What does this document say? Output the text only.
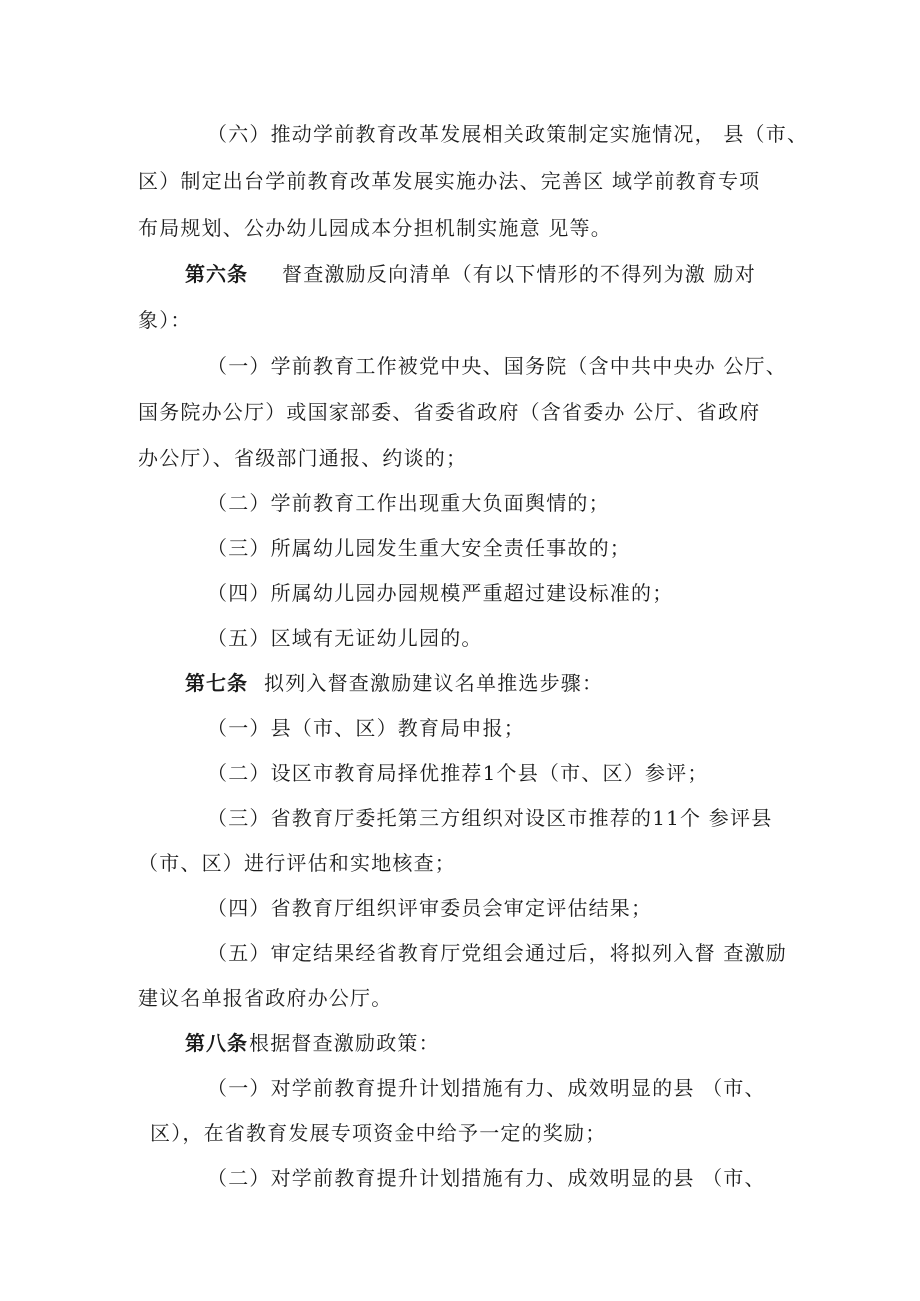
（六）推动学前教育改革发展相关政策制定实施情况， 县（市、
区）制定出台学前教育改革发展实施办法、完善区 域学前教育专项
布局规划、公办幼儿园成本分担机制实施意 见等。
第六条 督查激励反向清单（有以下情形的不得列为激 励对
象）：
（一）学前教育工作被党中央、国务院（含中共中央办 公厅、
国务院办公厅）或国家部委、省委省政府（含省委办 公厅、省政府
办公厅）、省级部门通报、约谈的；
（二）学前教育工作出现重大负面舆情的；
（三）所属幼儿园发生重大安全责任事故的；
（四）所属幼儿园办园规模严重超过建设标准的；
（五）区域有无证幼儿园的。
第七条 拟列入督查激励建议名单推选步骤：
（一）县（市、区）教育局申报；
（二）设区市教育局择优推荐1个县（市、区）参评；
（三）省教育厅委托第三方组织对设区市推荐的11个 参评县
（市、区）进行评估和实地核查；
（四）省教育厅组织评审委员会审定评估结果；
（五）审定结果经省教育厅党组会通过后，将拟列入督 查激励
建议名单报省政府办公厅。
第八条 根据督查激励政策：
（一）对学前教育提升计划措施有力、成效明显的县 （市、
区），在省教育发展专项资金中给予一定的奖励；
（二）对学前教育提升计划措施有力、成效明显的县 （市、
